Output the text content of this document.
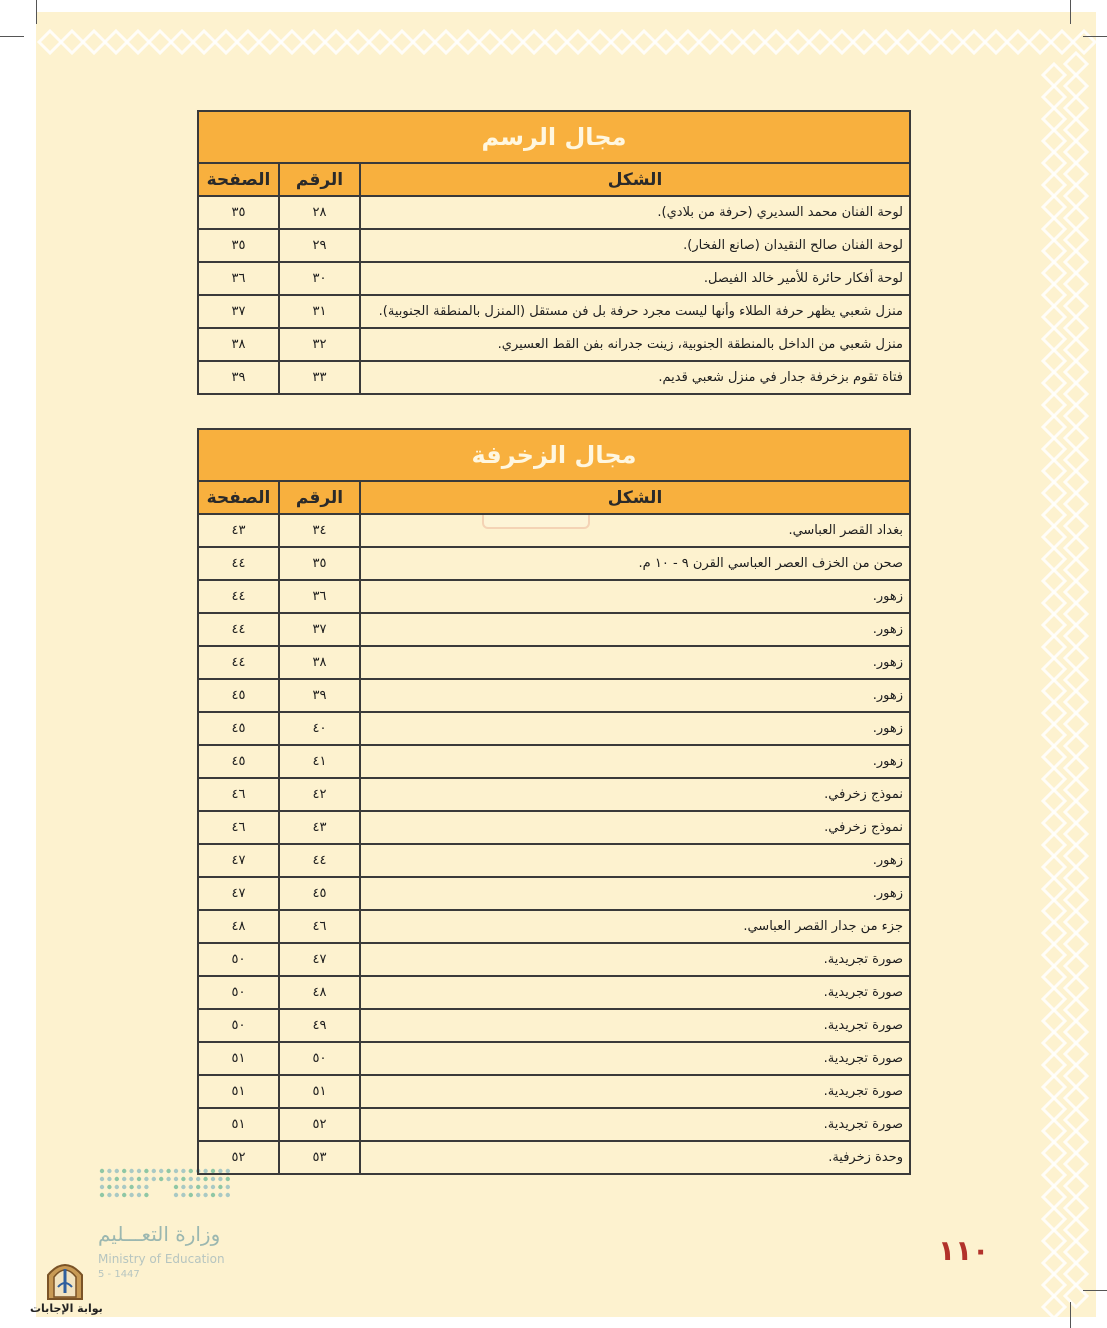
١١٠
وزارة التعـــليم
Ministry of Education
5 - 1447
مجال الرسم		
الشكل	الرقم	الصفحة
لوحة الفنان محمد السديري (حرفة من بلادي).	٢٨	٣٥
لوحة الفنان صالح النقيدان (صانع الفخار).	٢٩	٣٥
لوحة أفكار حائرة للأمير خالد الفيصل.	٣٠	٣٦
منزل شعبي يظهر حرفة الطلاء وأنها ليست مجرد حرفة بل فن مستقل (المنزل بالمنطقة الجنوبية).	٣١	٣٧
منزل شعبي من الداخل بالمنطقة الجنوبية، زينت جدرانه بفن القط العسيري.	٣٢	٣٨
فتاة تقوم بزخرفة جدار في منزل شعبي قديم.	٣٣	٣٩
مجال الزخرفة		
الشكل	الرقم	الصفحة
بغداد القصر العباسي.	٣٤	٤٣
صحن من الخزف العصر العباسي القرن ٩ - ١٠ م.	٣٥	٤٤
زهور.	٣٦	٤٤
زهور.	٣٧	٤٤
زهور.	٣٨	٤٤
زهور.	٣٩	٤٥
زهور.	٤٠	٤٥
زهور.	٤١	٤٥
نموذج زخرفي.	٤٢	٤٦
نموذج زخرفي.	٤٣	٤٦
زهور.	٤٤	٤٧
زهور.	٤٥	٤٧
جزء من جدار القصر العباسي.	٤٦	٤٨
صورة تجريدية.	٤٧	٥٠
صورة تجريدية.	٤٨	٥٠
صورة تجريدية.	٤٩	٥٠
صورة تجريدية.	٥٠	٥١
صورة تجريدية.	٥١	٥١
صورة تجريدية.	٥٢	٥١
وحدة زخرفية.	٥٣	٥٢
بوابة الإجابات
